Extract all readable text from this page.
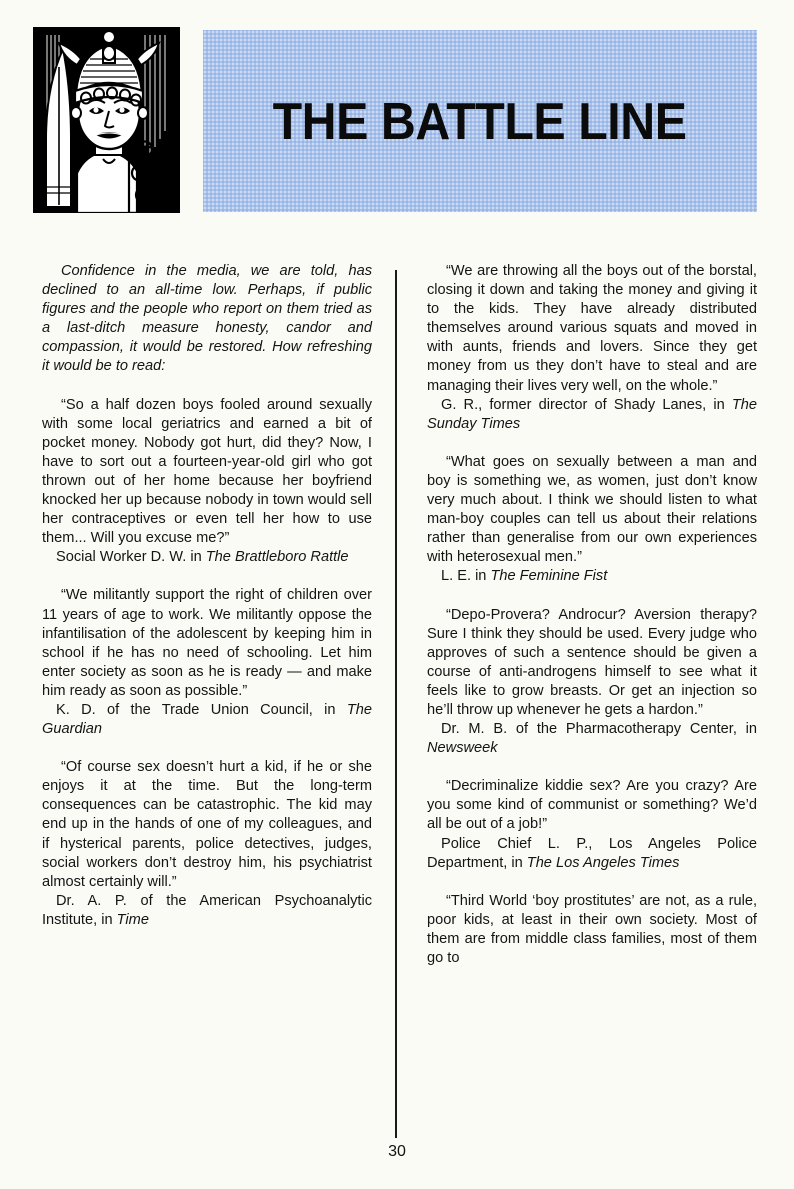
THE BATTLE LINE

Confidence in the media, we are told, has declined to an all-time low. Perhaps, if public figures and the people who report on them tried as a last-ditch measure honesty, candor and compassion, it would be restored. How refreshing it would be to read:

“So a half dozen boys fooled around sexually with some local geriatrics and earned a bit of pocket money. Nobody got hurt, did they? Now, I have to sort out a fourteen-year-old girl who got thrown out of her home because her boyfriend knocked her up because nobody in town would sell her contraceptives or even tell her how to use them... Will you excuse me?”

Social Worker D. W. in The Brattleboro Rattle

“We militantly support the right of children over 11 years of age to work. We militantly oppose the infantilisation of the adolescent by keeping him in school if he has no need of schooling. Let him enter society as soon as he is ready — and make him ready as soon as possible.”

K. D. of the Trade Union Council, in The Guardian

“Of course sex doesn’t hurt a kid, if he or she enjoys it at the time. But the long-term consequences can be catastrophic. The kid may end up in the hands of one of my colleagues, and if hysterical parents, police detectives, judges, social workers don’t destroy him, his psychiatrist almost certainly will.”

Dr. A. P. of the American Psychoanalytic Institute, in Time

“We are throwing all the boys out of the borstal, closing it down and taking the money and giving it to the kids. They have already distributed themselves around various squats and moved in with aunts, friends and lovers. Since they get money from us they don’t have to steal and are managing their lives very well, on the whole.”

G. R., former director of Shady Lanes, in The Sunday Times

“What goes on sexually between a man and boy is something we, as women, just don’t know very much about. I think we should listen to what man-boy couples can tell us about their relations rather than generalise from our own experiences with heterosexual men.”

L. E. in The Feminine Fist

“Depo-Provera? Androcur? Aversion therapy? Sure I think they should be used. Every judge who approves of such a sentence should be given a course of anti-androgens himself to see what it feels like to grow breasts. Or get an injection so he’ll throw up whenever he gets a hardon.”

Dr. M. B. of the Pharmacotherapy Center, in Newsweek

“Decriminalize kiddie sex? Are you crazy? Are you some kind of communist or something? We’d all be out of a job!”

Police Chief L. P., Los Angeles Police Department, in The Los Angeles Times

“Third World ‘boy prostitutes’ are not, as a rule, poor kids, at least in their own society. Most of them are from middle class families, most of them go to

30
